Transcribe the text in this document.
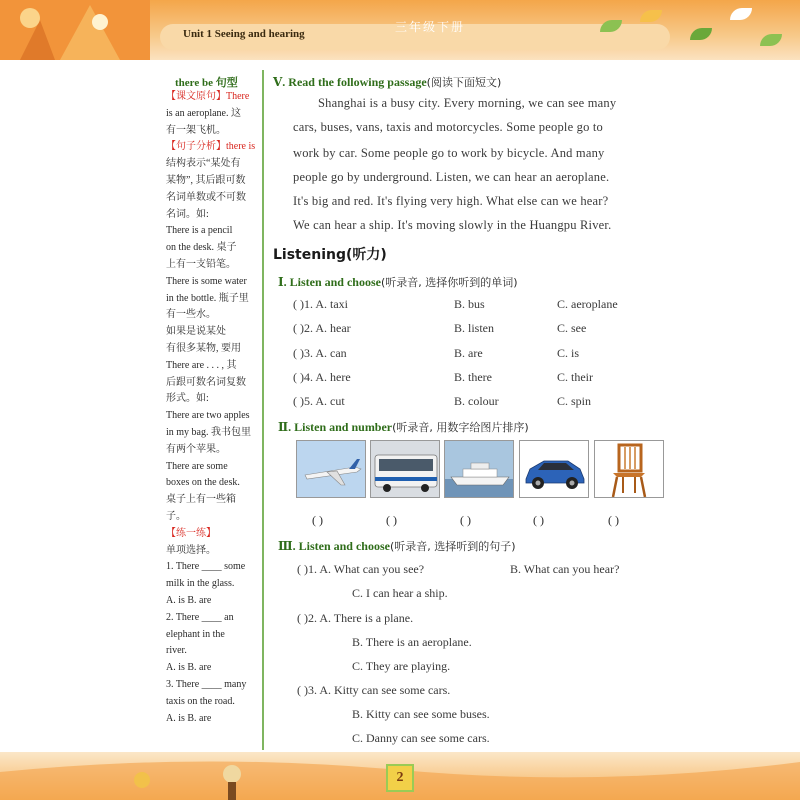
Unit 1 Seeing and hearing	三年级下册
there be 句型
【课文原句】There
is an aeroplane. 这
有一架飞机。
【句子分析】there is
结构表示“某处有
某物”, 其后跟可数
名词单数或不可数
名词。如:
There is a pencil
on the desk. 桌子
上有一支铅笔。
There is some water
in the bottle. 瓶子里
有一些水。
如果是说某处
有很多某物, 要用
There are . . . , 其
后跟可数名词复数
形式。如:
There are two apples
in my bag. 我书包里
有两个苹果。
There are some
boxes on the desk.
桌子上有一些箱
子。
【练一练】
单项选择。
1. There ____ some
milk in the glass.
A. is B. are
2. There ____ an
elephant in the
river.
A. is B. are
3. There ____ many
taxis on the road.
A. is B. are
Ⅴ. Read the following passage(阅读下面短文)
Shanghai is a busy city. Every morning, we can see many
cars, buses, vans, taxis and motorcycles. Some people go to
work by car. Some people go to work by bicycle. And many
people go by underground. Listen, we can hear an aeroplane.
It's big and red. It's flying very high. What else can we hear?
We can hear a ship. It's moving slowly in the Huangpu River.
Listening(听力)
Ⅰ. Listen and choose(听录音, 选择你听到的单词)
( )1. A. taxi	B. bus	C. aeroplane
( )2. A. hear	B. listen	C. see
( )3. A. can	B. are	C. is
( )4. A. here	B. there	C. their
( )5. A. cut	B. colour	C. spin
Ⅱ. Listen and number(听录音, 用数字给图片排序)
( )	( )	( )	( )	( )
Ⅲ. Listen and choose(听录音, 选择听到的句子)
( )1. A. What can you see?	B. What can you hear?
C. I can hear a ship.
( )2. A. There is a plane.
B. There is an aeroplane.
C. They are playing.
( )3. A. Kitty can see some cars.
B. Kitty can see some buses.
C. Danny can see some cars.
2
